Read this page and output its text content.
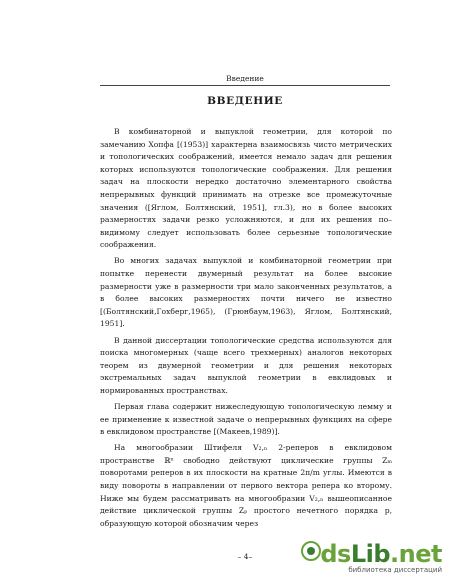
Введение
ВВЕДЕНИЕ

В комбинаторной и выпуклой геометрии, для которой по замечанию Хопфа [(1953)] характерна взаимосвязь чисто метрических и топологических соображений, имеется немало задач для решения которых используются топологические соображения. Для решения задач на плоскости нередко достаточно элементарного свойства непрерывных функций принимать на отрезке все промежуточные значения ([Яглом, Болтянский, 1951], гл.3), но в более высоких размерностях задачи резко усложняются, и для их решения по–видимому следует использовать более серьезные топологические соображения.

Во многих задачах выпуклой и комбинаторной геометрии при попытке перенести двумерный результат на более высокие размерности уже в размерности три мало законченных результатов, а в более высоких размерностях почти ничего не известно [(Болтянский,Гохберг,1965), (Грюнбаум,1963), Яглом, Болтянский, 1951].

В данной диссертации топологические средства используются для поиска многомерных (чаще всего трехмерных) аналогов некоторых теорем из двумерной геометрии и для решения некоторых экстремальных задач выпуклой геометрии в евклидовых и нормированных пространствах.

Первая глава содержит нижеследующую топологическую лемму и ее применение к известной задаче о непрерывных функциях на сфере в евклидовом пространстве [(Макеев,1989)].

На многообразии Штифеля V₂,ₙ 2-реперов в евклидовом пространстве ℝⁿ свободно действуют циклические группы Zₘ поворотами реперов в их плоскости на кратные 2π/m углы. Имеются в виду повороты в направлении от первого вектора репера ко второму. Ниже мы будем рассматривать на многообразии V₂,ₙ вышеописанное действие циклической группы Zₚ простого нечетного порядка p, образующую которой обозначим через

– 4–	dsLib.net
библиотека диссертаций
